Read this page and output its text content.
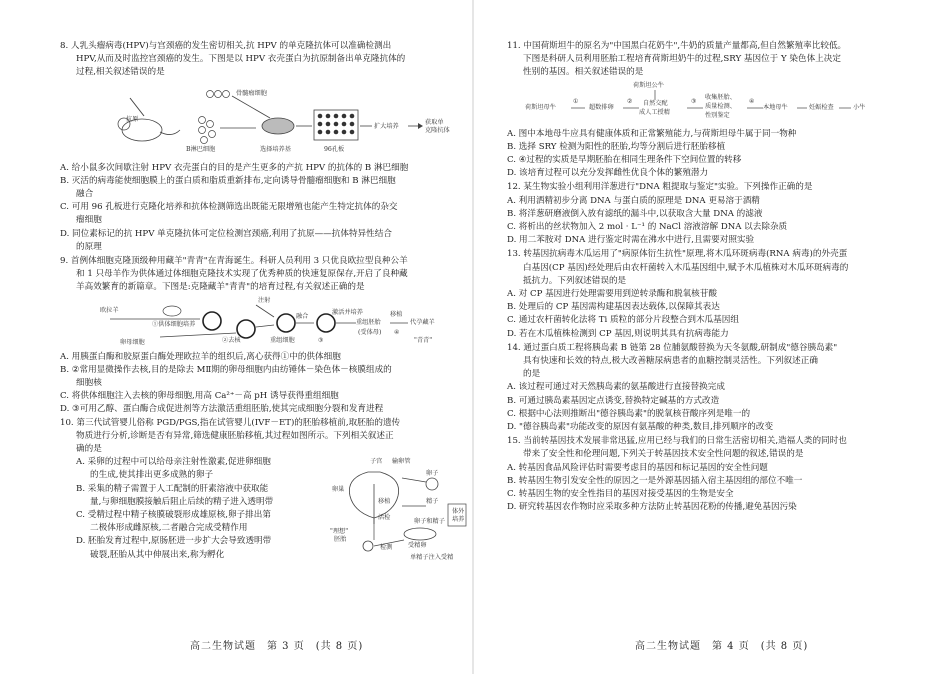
8. 人乳头瘤病毒(HPV)与宫颈癌的发生密切相关,抗 HPV 的单克隆抗体可以准确检测出

HPV,从而及时监控宫颈癌的发生。下图是以 HPV 衣壳蛋白为抗原制备出单克隆抗体的

过程,相关叙述错误的是

抗原
骨髓瘤细胞
B淋巴细胞	选择培养基	96孔板
扩大培养
获取单
克隆抗体

A. 给小鼠多次间歇注射 HPV 衣壳蛋白的目的是产生更多的产抗 HPV 的抗体的 B 淋巴细胞

B. 灭活的病毒能使细胞膜上的蛋白质和脂质重新排布,定向诱导骨髓瘤细胞和 B 淋巴细胞

融合

C. 可用 96 孔板进行克隆化培养和抗体检测筛选出既能无限增殖也能产生特定抗体的杂交

瘤细胞

D. 同位素标记的抗 HPV 单克隆抗体可定位检测宫颈癌,利用了抗原——抗体特异性结合

的原理

9. 首例体细胞克隆顶级种用藏羊"青青"在青海诞生。科研人员利用 3 只优良欧拉型良种公羊

和 1 只母羊作为供体通过体细胞克隆技术实现了优秀种质的快速复原保存,开启了良种藏

羊高效繁育的新篇章。下图是:克隆藏羊"青青"的培育过程,有关叙述正确的是

欧拉羊
①供体细胞培养
注射
②去核
卵母细胞
融合
重组细胞
激活并培养
③
重组胚胎
(受体母)
移植
④
代孕藏羊
"青青"

A. 用胰蛋白酶和胶原蛋白酶处理欧拉羊的组织后,离心获得①中的供体细胞

B. ②常用显微操作去核,目的是除去 MⅡ期的卵母细胞内由纺锤体－染色体－核膜组成的

细胞核

C. 将供体细胞注入去核的卵母细胞,用高 Ca²⁺－高 pH 诱导获得重组细胞

D. ③可用乙醇、蛋白酶合成促进剂等方法激活重组胚胎,使其完成细胞分裂和发育进程

10. 第三代试管婴儿俗称 PGD/PGS,指在试管婴儿(IVF－ET)的胚胎移植前,取胚胎的遗传

物质进行分析,诊断是否有异常,筛选健康胚胎移植,其过程如图所示。下列相关叙述正

确的是

A. 采卵的过程中可以给母亲注射性激素,促进卵细胞

的生成,使其排出更多成熟的卵子

B. 采集的精子需置于人工配制的肝素溶液中获取能

量,与卵细胞膜接触后阻止后续的精子进入透明带

C. 受精过程中精子核膜破裂形成雄原核,卵子排出第

二极体形成雌原核,二者融合完成受精作用

D. 胚胎发育过程中,原肠胚进一步扩大会导致透明带

破裂,胚胎从其中伸展出来,称为孵化

子宫 输卵管
卵巢
卵子
精子
移植
活检
体外
培养
卵子和精子
受精卵
"理想"
胚胎
检测
单精子注入受精
高二生物试题　第 3 页　(共 8 页)

11. 中国荷斯坦牛的原名为"中国黑白花奶牛",牛奶的质量产量都高,但自然繁殖率比较低。

下图是科研人员利用胚胎工程培育荷斯坦奶牛的过程,SRY 基因位于 Y 染色体上决定

性别的基因。相关叙述错误的是

荷斯坦公牛
荷斯坦母牛
①
超数排卵
② 自然交配
成人工授精
③
收集胚胎、
质量检测、
性别鉴定
④
本地母牛	妊娠检查	小牛

A. 图中本地母牛应具有健康体质和正常繁殖能力,与荷斯坦母牛属于同一物种

B. 选择 SRY 检测为阳性的胚胎,均等分割后进行胚胎移植

C. ④过程的实质是早期胚胎在相同生理条件下空间位置的转移

D. 该培育过程可以充分发挥雌性优良个体的繁殖潜力

12. 某生物实验小组利用洋葱进行"DNA 粗提取与鉴定"实验。下列操作正确的是

A. 利用洒精初步分离 DNA 与蛋白质的原理是 DNA 更易溶于酒精

B. 将洋葱研磨液倒入放有滤纸的漏斗中,以获取含大量 DNA 的滤液

C. 将析出的丝状物加入 2 mol · L⁻¹ 的 NaCl 溶液溶解 DNA 以去除杂质

D. 用二苯胺对 DNA 进行鉴定时需在沸水中进行,且需要对照实验

13. 转基因抗病毒木瓜运用了"病原体衍生抗性"原理,将木瓜环斑病毒(RNA 病毒)的外壳蛋

白基因(CP 基因)经处理后由农杆菌转入木瓜基因组中,赋予木瓜植株对木瓜环斑病毒的

抵抗力。下列叙述错误的是

A. 对 CP 基因进行处理需要用到逆转录酶和脱氧核苷酸

B. 处理后的 CP 基因需构建基因表达载体,以保障其表达

C. 通过农杆菌转化法将 Ti 质粒的部分片段整合到木瓜基因组

D. 若在木瓜植株检测到 CP 基因,则说明其具有抗病毒能力

14. 通过蛋白质工程将胰岛素 B 链第 28 位脯氨酸替换为天冬氨酸,研制成"德谷胰岛素"

具有快速和长效的特点,极大改善糖尿病患者的血糖控制灵活性。下列叙述正确

的是

A. 该过程可通过对天然胰岛素的氨基酸进行直接替换完成

B. 可通过胰岛素基因定点诱变,替换特定碱基的方式改造

C. 根据中心法则推断出"德谷胰岛素"的脱氧核苷酸序列是唯一的

D. "德谷胰岛素"功能改变的原因有氨基酸的种类,数目,排列顺序的改变

15. 当前转基因技术发展非常迅猛,应用已经与我们的日常生活密切相关,造福人类的同时也

带来了安全性和伦理问题,下列关于转基因技术安全性问题的叙述,错误的是

A. 转基因食品风险评估时需要考虑目的基因和标记基因的安全性问题

B. 转基因生物引发安全性的原因之一是外源基因插入宿主基因组的部位不唯一

C. 转基因生物的安全性指目的基因对接受基因的生物是安全

D. 研究转基因农作物时应采取多种方法防止转基因花粉的传播,避免基因污染

高二生物试题　第 4 页　(共 8 页)
